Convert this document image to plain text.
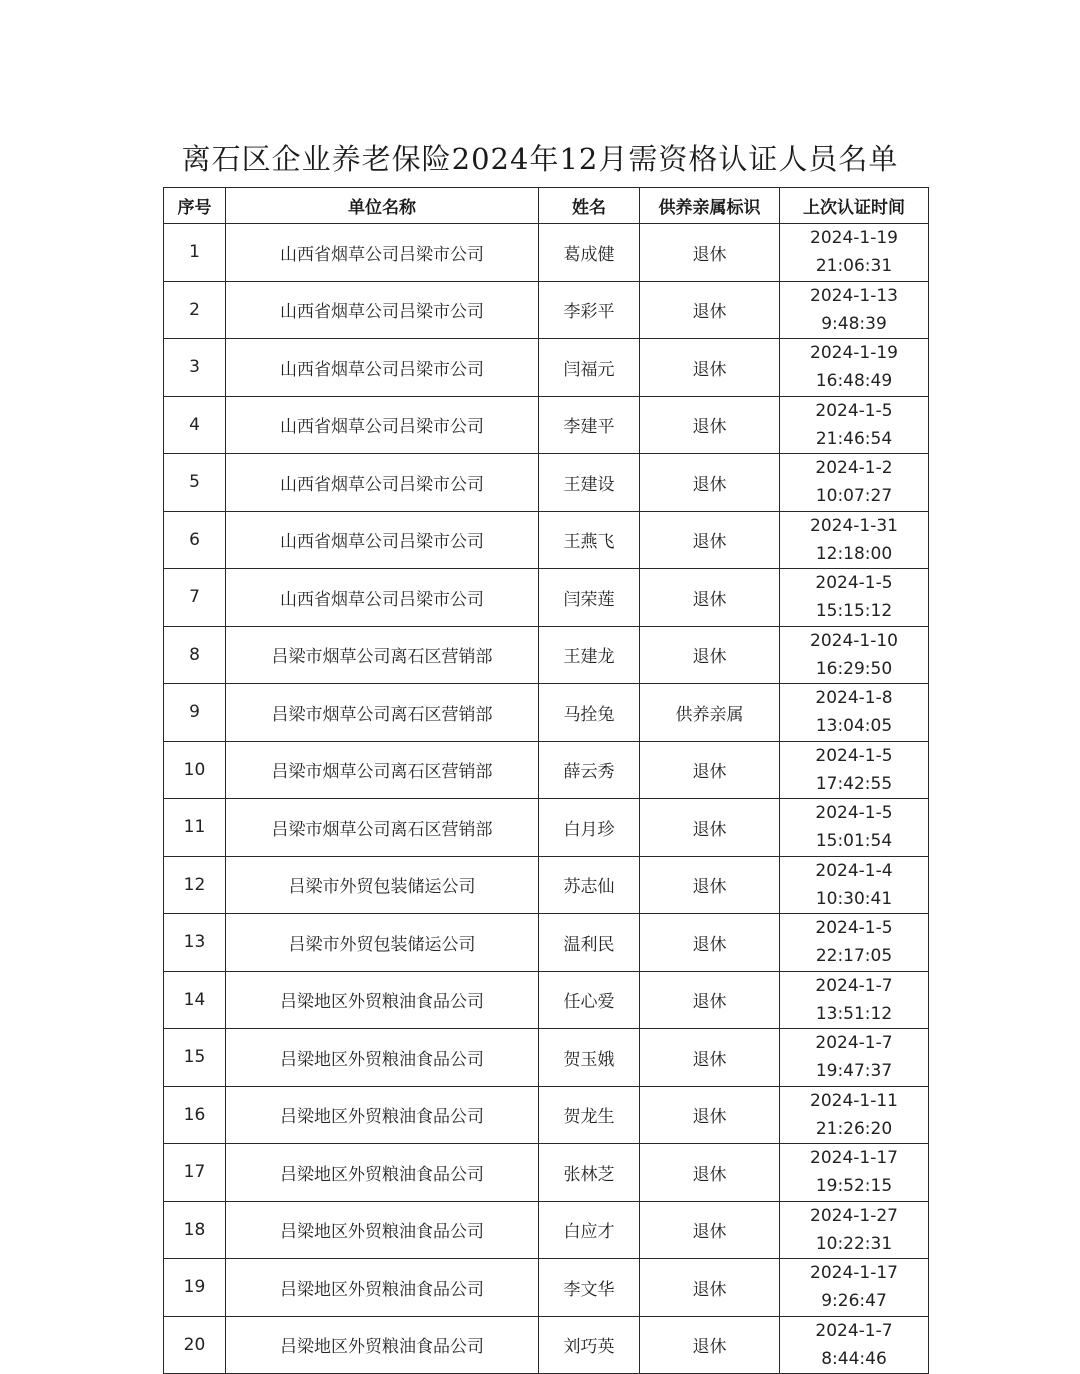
离石区企业养老保险2024年12月需资格认证人员名单
序号	单位名称	姓名	供养亲属标识	上次认证时间
1	山西省烟草公司吕梁市公司	葛成健	退休	2024-1-19
21:06:31

2	山西省烟草公司吕梁市公司	李彩平	退休	2024-1-13
9:48:39

3	山西省烟草公司吕梁市公司	闫福元	退休	2024-1-19
16:48:49

4	山西省烟草公司吕梁市公司	李建平	退休	2024-1-5
21:46:54

5	山西省烟草公司吕梁市公司	王建设	退休	2024-1-2
10:07:27

6	山西省烟草公司吕梁市公司	王燕飞	退休	2024-1-31
12:18:00

7	山西省烟草公司吕梁市公司	闫荣莲	退休	2024-1-5
15:15:12

8	吕梁市烟草公司离石区营销部	王建龙	退休	2024-1-10
16:29:50

9	吕梁市烟草公司离石区营销部	马拴兔	供养亲属	2024-1-8
13:04:05

10	吕梁市烟草公司离石区营销部	薛云秀	退休	2024-1-5
17:42:55

11	吕梁市烟草公司离石区营销部	白月珍	退休	2024-1-5
15:01:54

12	吕梁市外贸包装储运公司	苏志仙	退休	2024-1-4
10:30:41

13	吕梁市外贸包装储运公司	温利民	退休	2024-1-5
22:17:05

14	吕梁地区外贸粮油食品公司	任心爱	退休	2024-1-7
13:51:12

15	吕梁地区外贸粮油食品公司	贺玉娥	退休	2024-1-7
19:47:37

16	吕梁地区外贸粮油食品公司	贺龙生	退休	2024-1-11
21:26:20

17	吕梁地区外贸粮油食品公司	张林芝	退休	2024-1-17
19:52:15

18	吕梁地区外贸粮油食品公司	白应才	退休	2024-1-27
10:22:31

19	吕梁地区外贸粮油食品公司	李文华	退休	2024-1-17
9:26:47

20	吕梁地区外贸粮油食品公司	刘巧英	退休	2024-1-7
8:44:46
